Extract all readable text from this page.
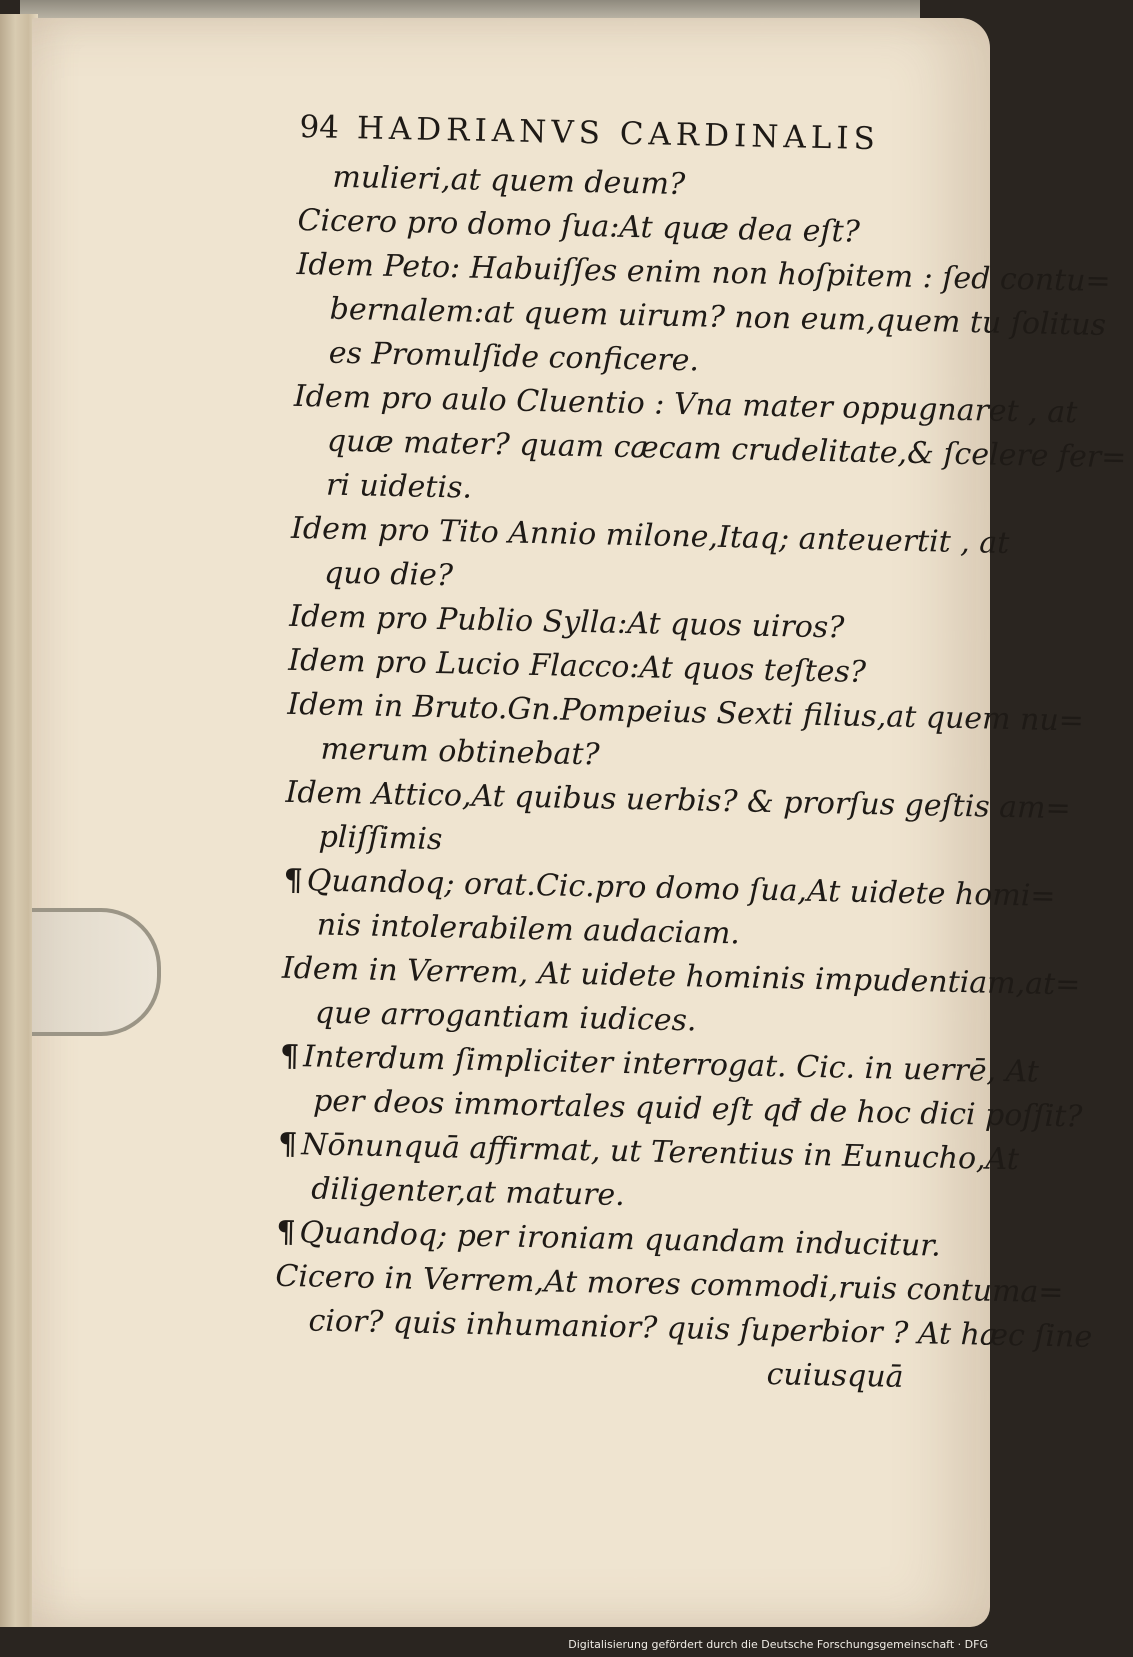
94 HADRIANVS CARDINALIS
mulieri,at quem deum?
Cicero pro domo ſua:At quæ dea eſt?
Idem Peto: Habuiſſes enim non hoſpitem : ſed contu=
bernalem:at quem uirum? non eum,quem tu ſolitus
es Promulſide conficere.
Idem pro aulo Cluentio : Vna mater oppugnaret , at
quæ mater? quam cæcam crudelitate,& ſcelere fer=
ri uidetis.
Idem pro Tito Annio milone,Itaq; anteuertit , at
quo die?
Idem pro Publio Sylla:At quos uiros?
Idem pro Lucio Flacco:At quos teſtes?
Idem in Bruto.Gn.Pompeius Sexti filius,at quem nu=
merum obtinebat?
Idem Attico,At quibus uerbis? & prorſus geſtis am=
pliſſimis
¶ Quandoq; orat.Cic.pro domo ſua,At uidete homi=
nis intolerabilem audaciam.
Idem in Verrem, At uidete hominis impudentiam,at=
que arrogantiam iudices.
¶ Interdum ſimpliciter interrogat. Cic. in uerrē, At
per deos immortales quid eſt qđ de hoc dici poſſit?
¶ Nōnunquā affirmat, ut Terentius in Eunucho,At
diligenter,at mature.
¶ Quandoq; per ironiam quandam inducitur.
Cicero in Verrem,At mores commodi,ruis contuma=
cior? quis inhumanior? quis ſuperbior ? At hæc ſine
cuiusquā
Digitalisierung gefördert durch die Deutsche Forschungsgemeinschaft · DFG
